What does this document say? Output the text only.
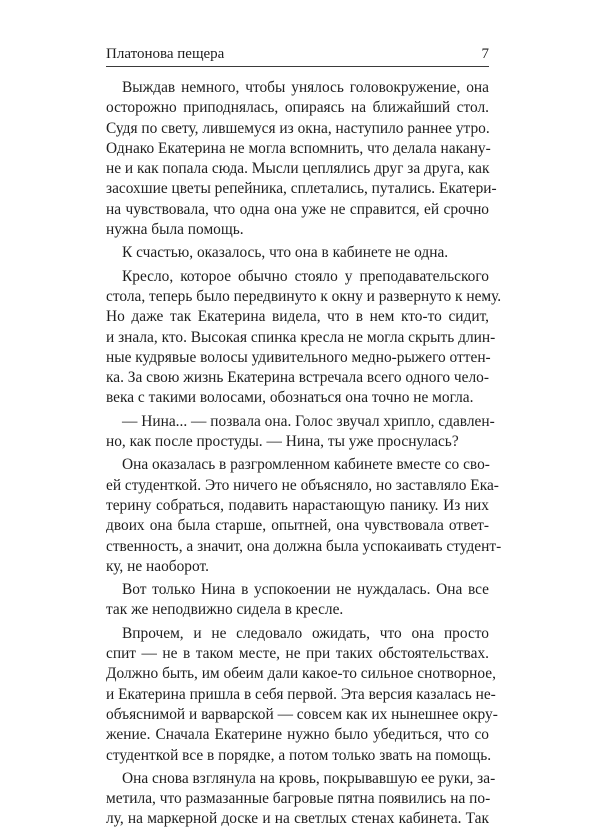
Платонова пещера	7
Выждав немного, чтобы унялось головокружение, она
осторожно приподнялась, опираясь на ближайший стол.
Судя по свету, лившемуся из окна, наступило раннее утро.
Однако Екатерина не могла вспомнить, что делала накану-
не и как попала сюда. Мысли цеплялись друг за друга, как
засохшие цветы репейника, сплетались, путались. Екатери-
на чувствовала, что одна она уже не справится, ей срочно
нужна была помощь.
К счастью, оказалось, что она в кабинете не одна.
Кресло, которое обычно стояло у преподавательского
стола, теперь было передвинуто к окну и развернуто к нему.
Но даже так Екатерина видела, что в нем кто-то сидит,
и знала, кто. Высокая спинка кресла не могла скрыть длин-
ные кудрявые волосы удивительного медно-рыжего оттен-
ка. За свою жизнь Екатерина встречала всего одного чело-
века с такими волосами, обознаться она точно не могла.
— Нина... — позвала она. Голос звучал хрипло, сдавлен-
но, как после простуды. — Нина, ты уже проснулась?
Она оказалась в разгромленном кабинете вместе со сво-
ей студенткой. Это ничего не объясняло, но заставляло Ека-
терину собраться, подавить нарастающую панику. Из них
двоих она была старше, опытней, она чувствовала ответ-
ственность, а значит, она должна была успокаивать студент-
ку, не наоборот.
Вот только Нина в успокоении не нуждалась. Она все
так же неподвижно сидела в кресле.
Впрочем, и не следовало ожидать, что она просто
спит — не в таком месте, не при таких обстоятельствах.
Должно быть, им обеим дали какое-то сильное снотворное,
и Екатерина пришла в себя первой. Эта версия казалась не-
объяснимой и варварской — совсем как их нынешнее окру-
жение. Сначала Екатерине нужно было убедиться, что со
студенткой все в порядке, а потом только звать на помощь.
Она снова взглянула на кровь, покрывавшую ее руки, за-
метила, что размазанные багровые пятна появились на по-
лу, на маркерной доске и на светлых стенах кабинета. Так
